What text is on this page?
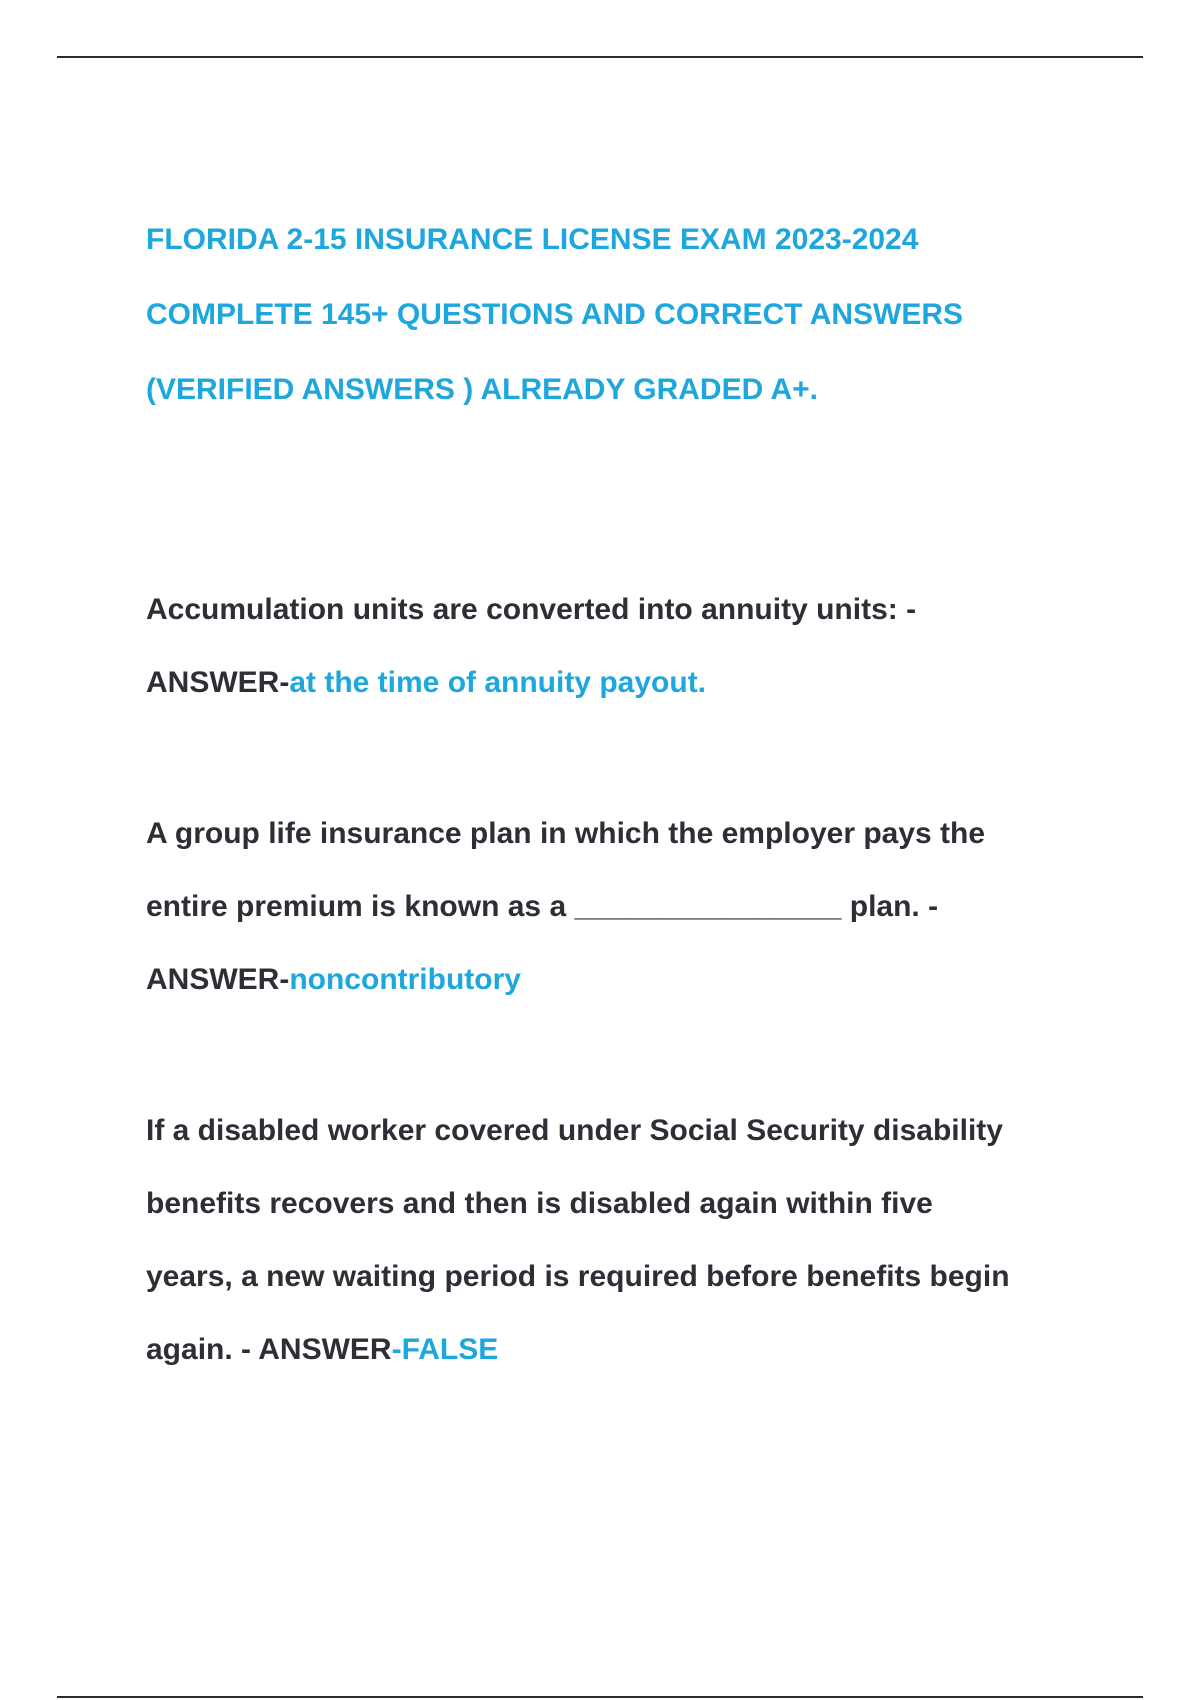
FLORIDA 2-15 INSURANCE LICENSE EXAM 2023-2024
COMPLETE 145+ QUESTIONS AND CORRECT ANSWERS
(VERIFIED ANSWERS ) ALREADY GRADED A+.

Accumulation units are converted into annuity units: -
ANSWER-at the time of annuity payout.

A group life insurance plan in which the employer pays the
entire premium is known as a ________________ plan. -
ANSWER-noncontributory

If a disabled worker covered under Social Security disability
benefits recovers and then is disabled again within five
years, a new waiting period is required before benefits begin
again. - ANSWER-FALSE
